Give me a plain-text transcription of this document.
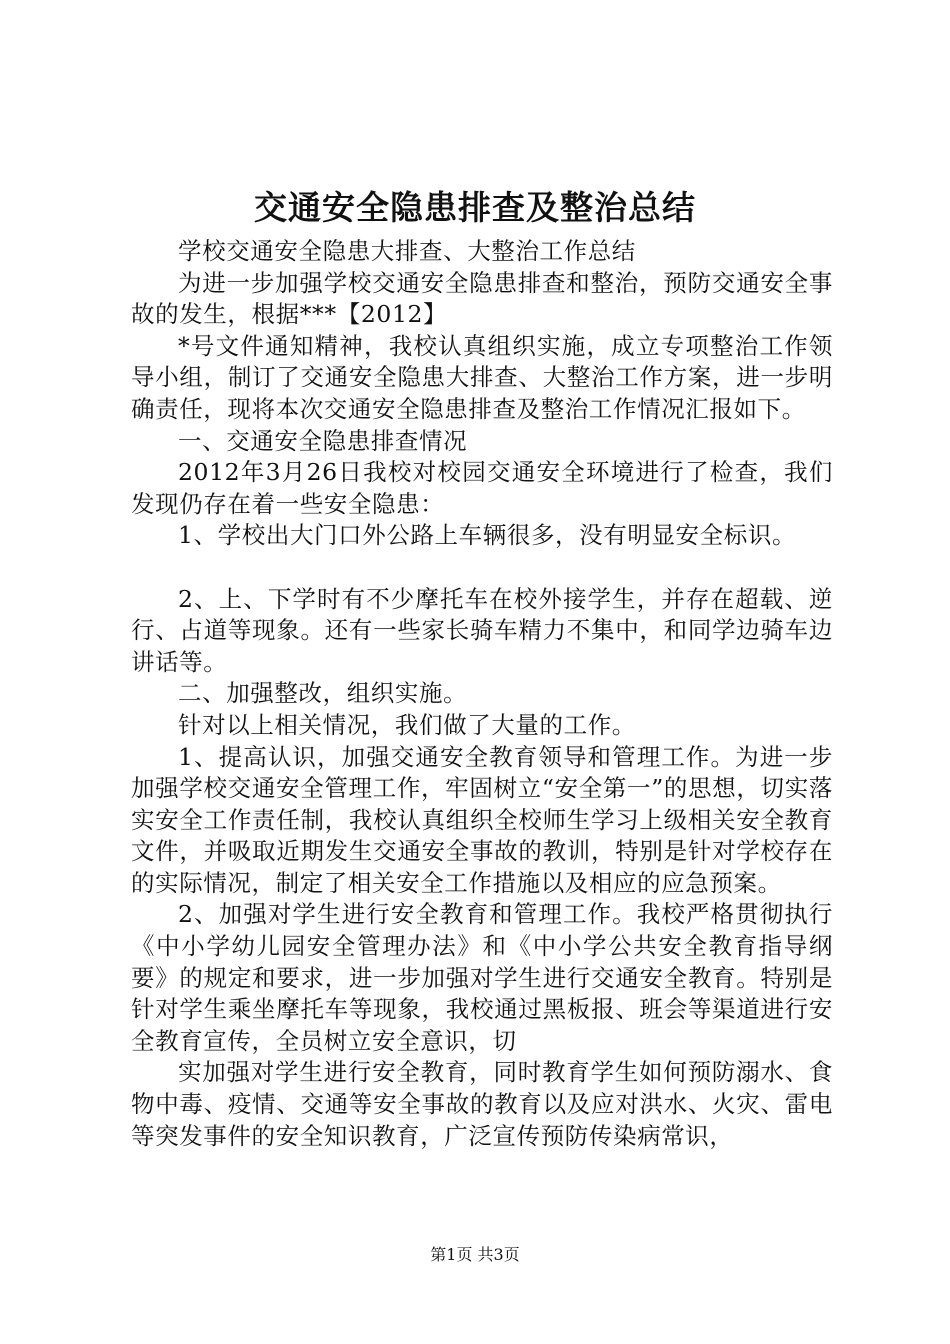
交通安全隐患排查及整治总结

学校交通安全隐患大排查、大整治工作总结

为进一步加强学校交通安全隐患排查和整治，预防交通安全事故的发生，根据***【2012】

*号文件通知精神，我校认真组织实施，成立专项整治工作领导小组，制订了交通安全隐患大排查、大整治工作方案，进一步明确责任，现将本次交通安全隐患排查及整治工作情况汇报如下。

一、交通安全隐患排查情况

2012年3月26日我校对校园交通安全环境进行了检查，我们发现仍存在着一些安全隐患：

1、学校出大门口外公路上车辆很多，没有明显安全标识。

2、上、下学时有不少摩托车在校外接学生，并存在超载、逆行、占道等现象。还有一些家长骑车精力不集中，和同学边骑车边讲话等。

二、加强整改，组织实施。

针对以上相关情况，我们做了大量的工作。

1、提高认识，加强交通安全教育领导和管理工作。为进一步加强学校交通安全管理工作，牢固树立“安全第一”的思想，切实落实安全工作责任制，我校认真组织全校师生学习上级相关安全教育文件，并吸取近期发生交通安全事故的教训，特别是针对学校存在的实际情况，制定了相关安全工作措施以及相应的应急预案。

2、加强对学生进行安全教育和管理工作。我校严格贯彻执行《中小学幼儿园安全管理办法》和《中小学公共安全教育指导纲要》的规定和要求，进一步加强对学生进行交通安全教育。特别是针对学生乘坐摩托车等现象，我校通过黑板报、班会等渠道进行安全教育宣传，全员树立安全意识，切

实加强对学生进行安全教育，同时教育学生如何预防溺水、食物中毒、疫情、交通等安全事故的教育以及应对洪水、火灾、雷电等突发事件的安全知识教育，广泛宣传预防传染病常识，

第1页 共3页
